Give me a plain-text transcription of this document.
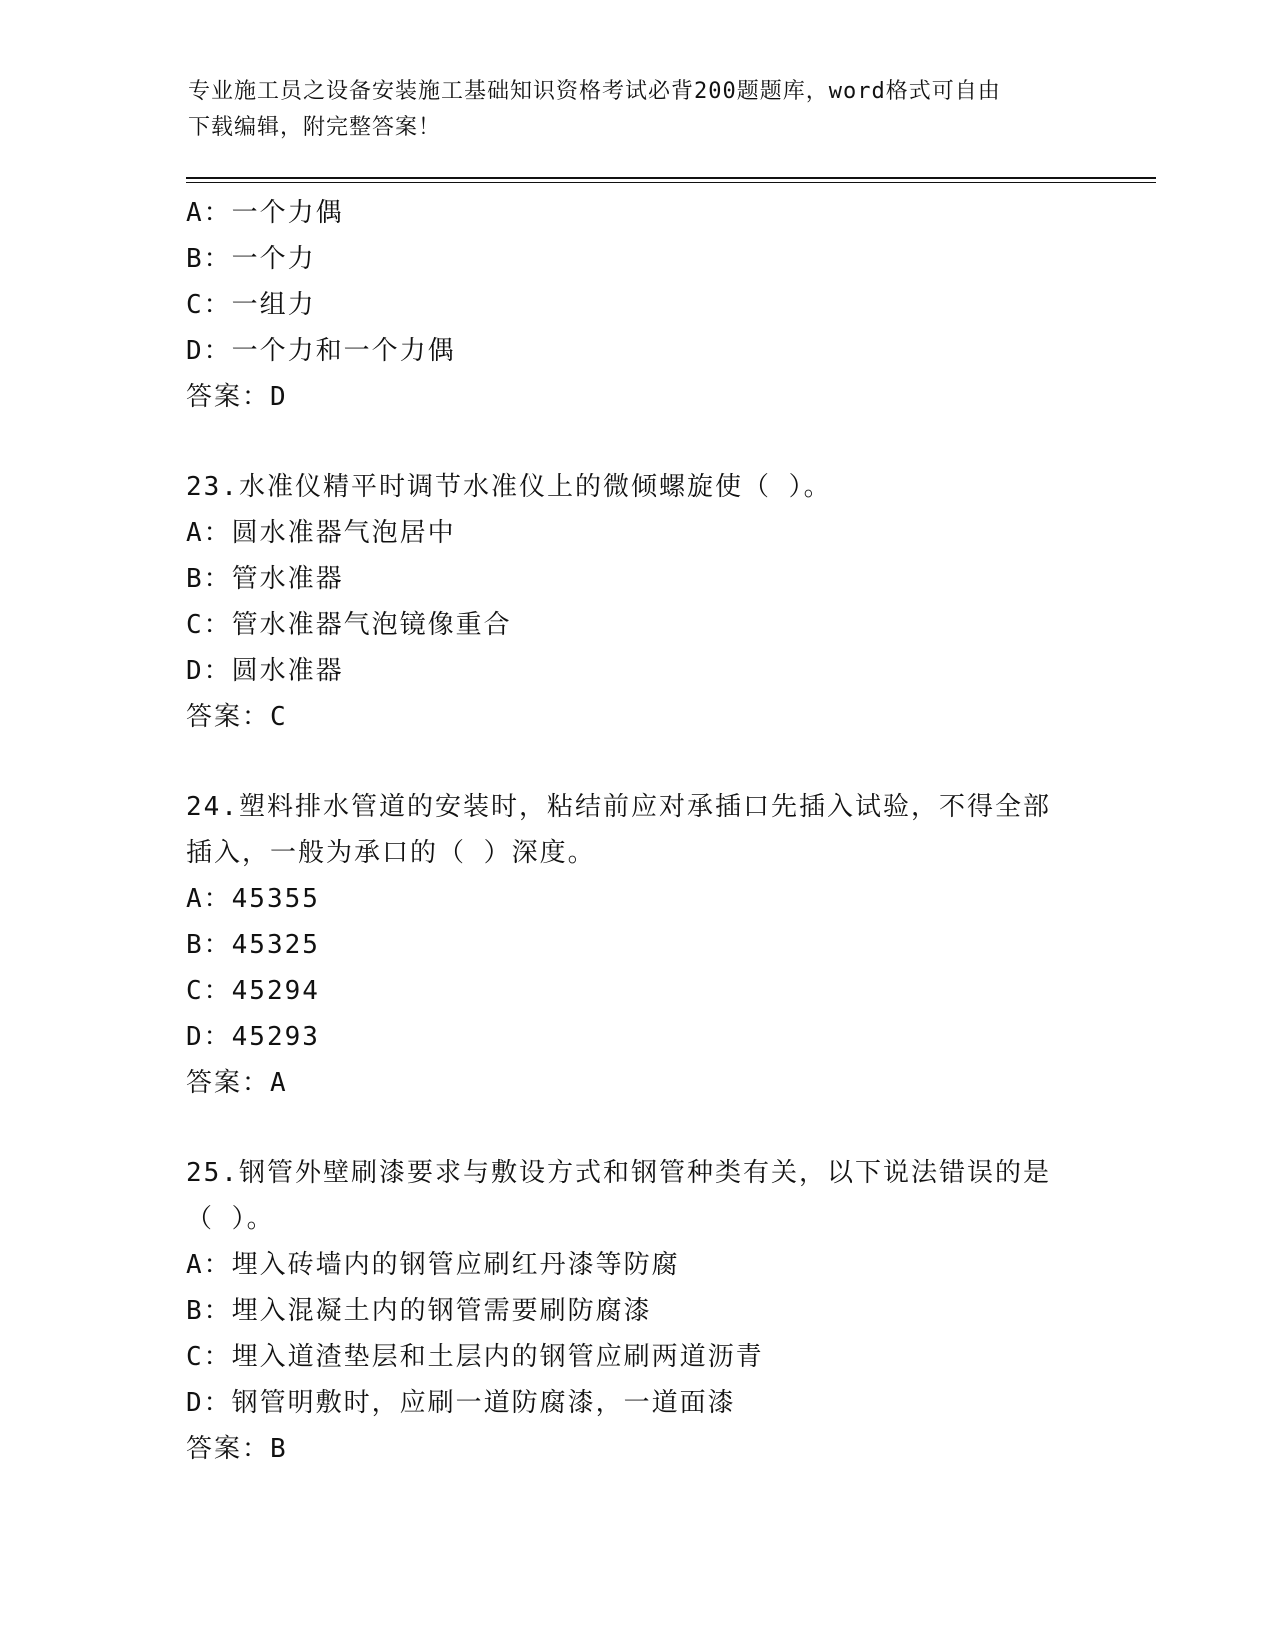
专业施工员之设备安装施工基础知识资格考试必背200题题库，word格式可自由
下载编辑，附完整答案！
A：一个力偶
B：一个力
C：一组力
D：一个力和一个力偶
答案：D
23.水准仪精平时调节水准仪上的微倾螺旋使（ ）。
A：圆水准器气泡居中
B：管水准器
C：管水准器气泡镜像重合
D：圆水准器
答案：C
24.塑料排水管道的安装时，粘结前应对承插口先插入试验，不得全部
插入，一般为承口的（ ）深度。
A：45355
B：45325
C：45294
D：45293
答案：A
25.钢管外壁刷漆要求与敷设方式和钢管种类有关，以下说法错误的是
（ ）。
A：埋入砖墙内的钢管应刷红丹漆等防腐
B：埋入混凝土内的钢管需要刷防腐漆
C：埋入道渣垫层和土层内的钢管应刷两道沥青
D：钢管明敷时，应刷一道防腐漆，一道面漆
答案：B
